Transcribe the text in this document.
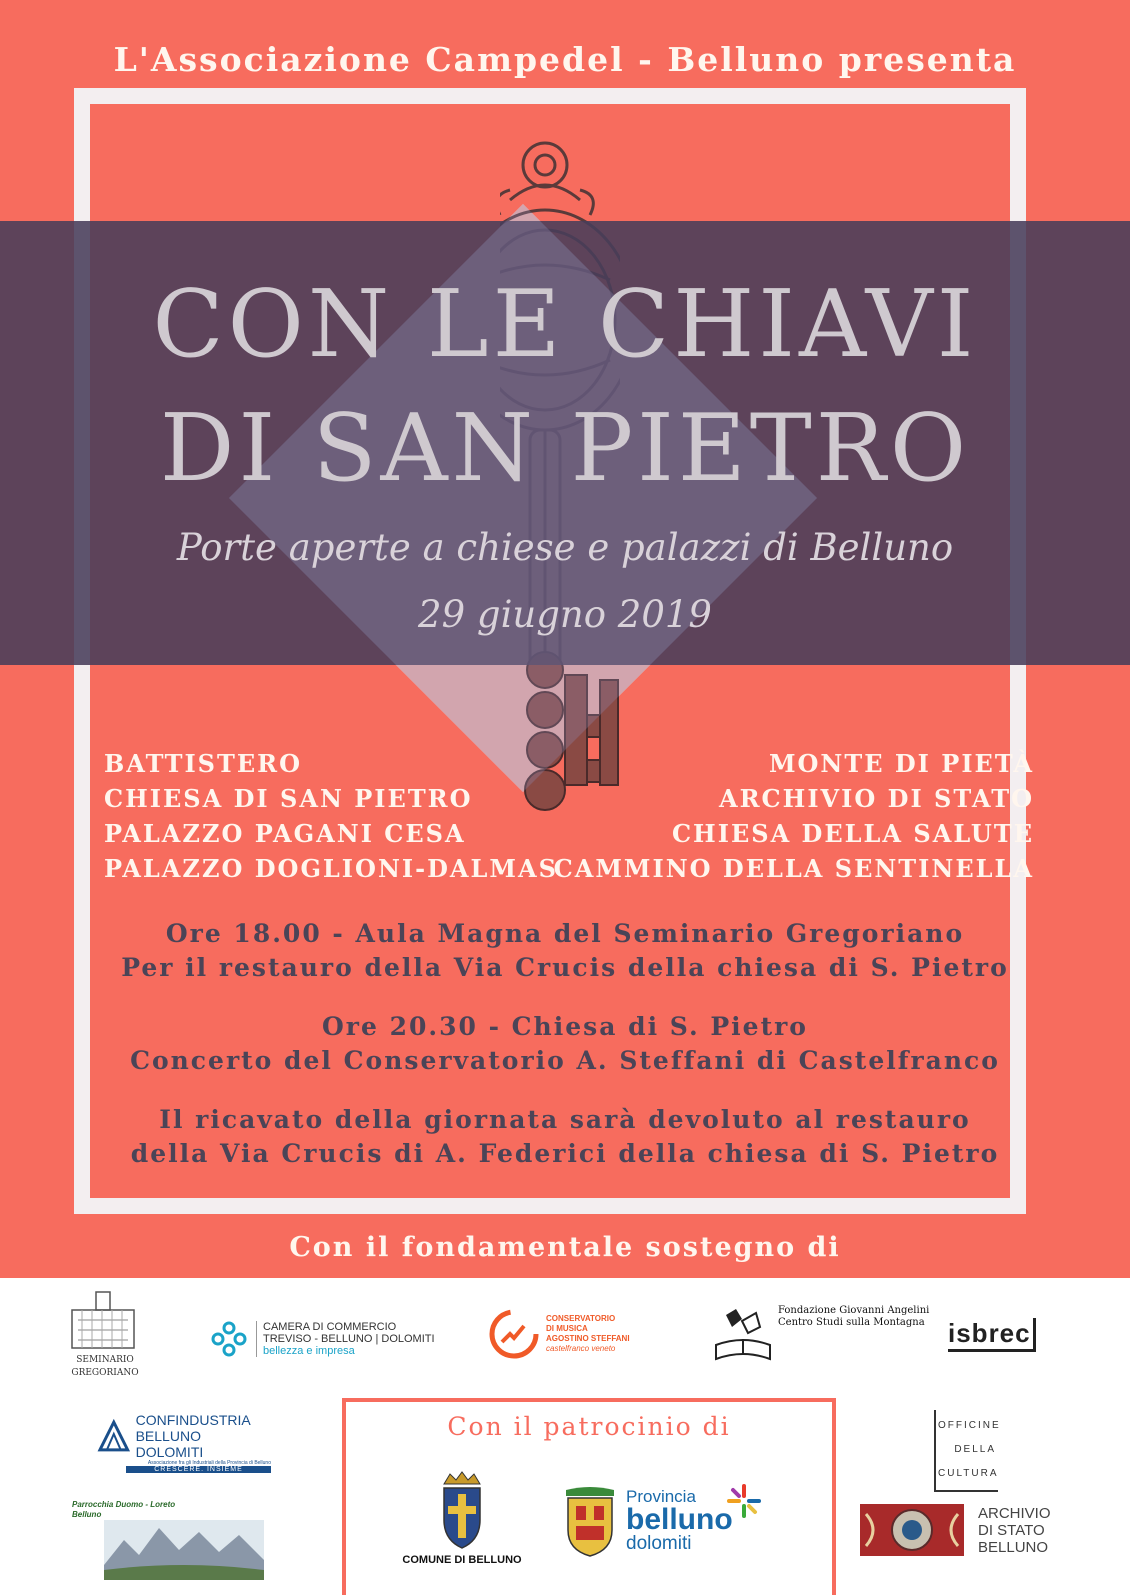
L'Associazione Campedel - Belluno presenta
CON LE CHIAVI
DI SAN PIETRO
Porte aperte a chiese e palazzi di Belluno
29 giugno 2019
BATTISTERO
CHIESA DI SAN PIETRO
PALAZZO PAGANI CESA
PALAZZO DOGLIONI-DALMAS
MONTE DI PIETÀ
ARCHIVIO DI STATO
CHIESA DELLA SALUTE
CAMMINO DELLA SENTINELLA
Ore 18.00 - Aula Magna del Seminario Gregoriano
Per il restauro della Via Crucis della chiesa di S. Pietro
Ore 20.30 - Chiesa di S. Pietro
Concerto del Conservatorio A. Steffani di Castelfranco
Il ricavato della giornata sarà devoluto al restauro
della Via Crucis di A. Federici della chiesa di S. Pietro
Con il fondamentale sostegno di
SEMINARIO
GREGORIANO
CAMERA DI COMMERCIO
TREVISO - BELLUNO | DOLOMITI
bellezza e impresa
CONSERVATORIO
DI MUSICA
AGOSTINO STEFFANI
castelfranco veneto
Fondazione Giovanni Angelini
Centro Studi sulla Montagna isbrec
CONFINDUSTRIA
BELLUNO DOLOMITI
Associazione fra gli Industriali della Provincia di Belluno
CRESCERE. INSIEME
OFFICINE
DELLA
CULTURA
Parrocchia Duomo - Loreto
Belluno
Con il patrocinio di
COMUNE DI BELLUNO
Provincia
belluno
dolomiti
ARCHIVIO
DI STATO
BELLUNO
